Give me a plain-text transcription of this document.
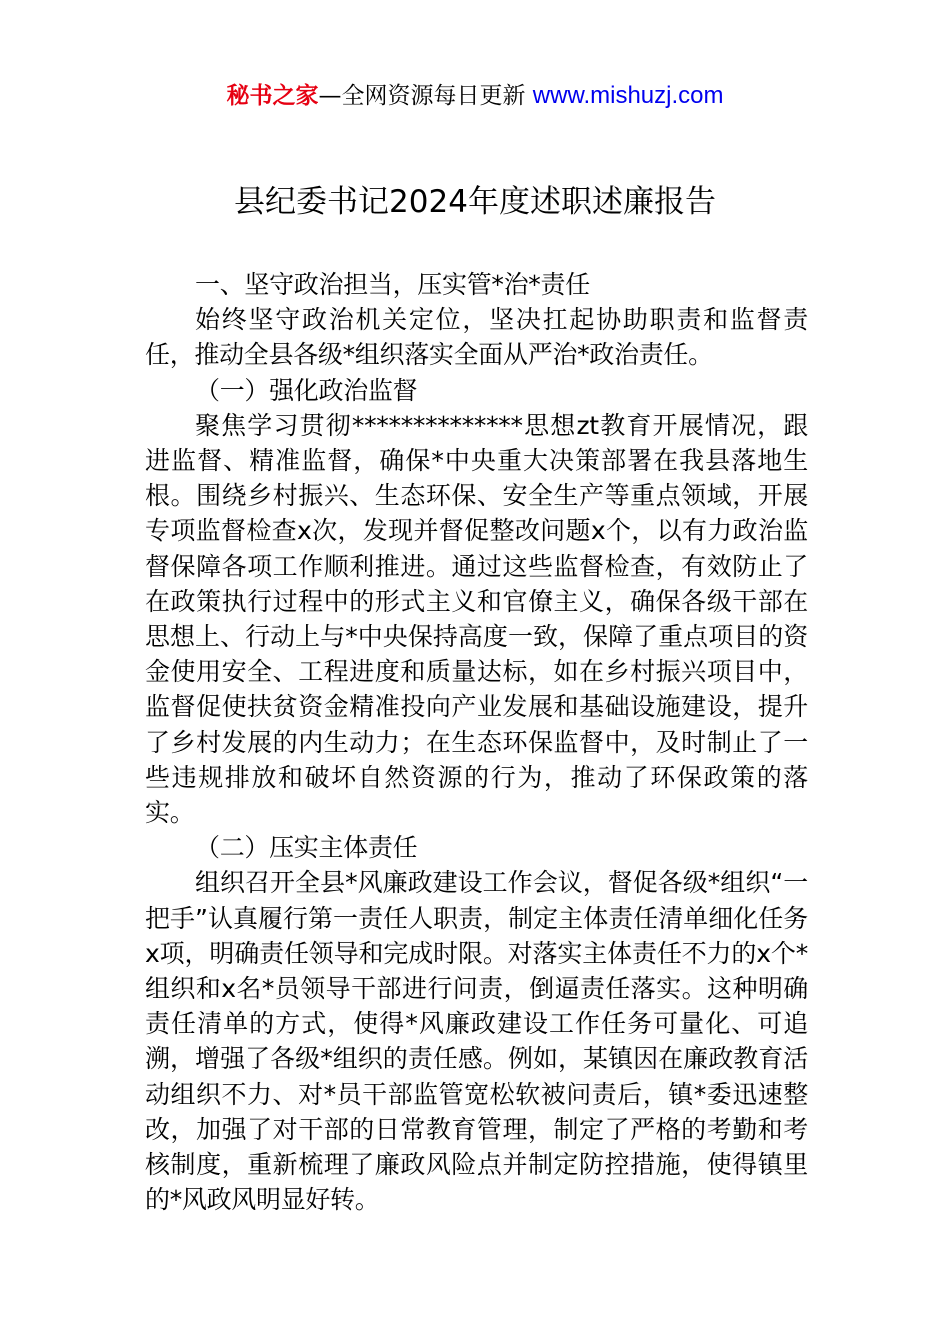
秘书之家—全网资源每日更新 www.mishuzj.com
县纪委书记2024年度述职述廉报告

一、坚守政治担当，压实管*治*责任

始终坚守政治机关定位，坚决扛起协助职责和监督责任，推动全县各级*组织落实全面从严治*政治责任。

（一）强化政治监督

聚焦学习贯彻**************思想zt教育开展情况，跟进监督、精准监督，确保*中央重大决策部署在我县落地生根。围绕乡村振兴、生态环保、安全生产等重点领域，开展专项监督检查x次，发现并督促整改问题x个，以有力政治监督保障各项工作顺利推进。通过这些监督检查，有效防止了在政策执行过程中的形式主义和官僚主义，确保各级干部在思想上、行动上与*中央保持高度一致，保障了重点项目的资金使用安全、工程进度和质量达标，如在乡村振兴项目中，监督促使扶贫资金精准投向产业发展和基础设施建设，提升了乡村发展的内生动力；在生态环保监督中，及时制止了一些违规排放和破坏自然资源的行为，推动了环保政策的落实。

（二）压实主体责任

组织召开全县*风廉政建设工作会议，督促各级*组织“一把手”认真履行第一责任人职责，制定主体责任清单细化任务x项，明确责任领导和完成时限。对落实主体责任不力的x个*组织和x名*员领导干部进行问责，倒逼责任落实。这种明确责任清单的方式，使得*风廉政建设工作任务可量化、可追溯，增强了各级*组织的责任感。例如，某镇因在廉政教育活动组织不力、对*员干部监管宽松软被问责后，镇*委迅速整改，加强了对干部的日常教育管理，制定了严格的考勤和考核制度，重新梳理了廉政风险点并制定防控措施，使得镇里的*风政风明显好转。
